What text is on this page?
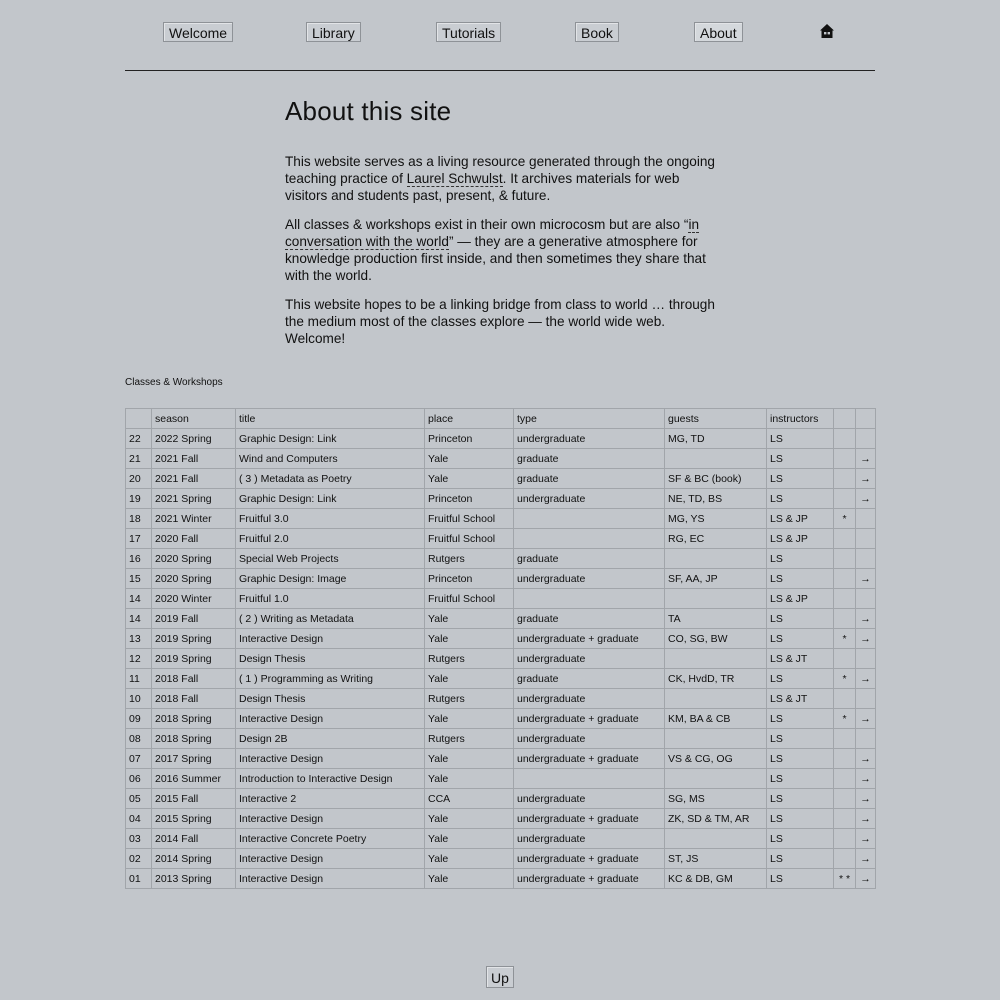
Welcome	Library	Tutorials	Book	About
About this site

This website serves as a living resource generated through the ongoing teaching practice of Laurel Schwulst. It archives materials for web visitors and students past, present, & future.

All classes & workshops exist in their own microcosm but are also “in conversation with the world” — they are a generative atmosphere for knowledge production first inside, and then sometimes they share that with the world.

This website hopes to be a linking bridge from class to world … through the medium most of the classes explore — the world wide web. Welcome!

Classes & Workshops
	season	title	place	type	guests	instructors		
22	2022 Spring	Graphic Design: Link	Princeton	undergraduate	MG, TD	LS		
21	2021 Fall	Wind and Computers	Yale	graduate		LS		→
20	2021 Fall	( 3 ) Metadata as Poetry	Yale	graduate	SF & BC (book)	LS		→
19	2021 Spring	Graphic Design: Link	Princeton	undergraduate	NE, TD, BS	LS		→
18	2021 Winter	Fruitful 3.0	Fruitful School		MG, YS	LS & JP	*	
17	2020 Fall	Fruitful 2.0	Fruitful School		RG, EC	LS & JP		
16	2020 Spring	Special Web Projects	Rutgers	graduate		LS		
15	2020 Spring	Graphic Design: Image	Princeton	undergraduate	SF, AA, JP	LS		→
14	2020 Winter	Fruitful 1.0	Fruitful School			LS & JP		
14	2019 Fall	( 2 ) Writing as Metadata	Yale	graduate	TA	LS		→
13	2019 Spring	Interactive Design	Yale	undergraduate + graduate	CO, SG, BW	LS	*	→
12	2019 Spring	Design Thesis	Rutgers	undergraduate		LS & JT		
11	2018 Fall	( 1 ) Programming as Writing	Yale	graduate	CK, HvdD, TR	LS	*	→
10	2018 Fall	Design Thesis	Rutgers	undergraduate		LS & JT		
09	2018 Spring	Interactive Design	Yale	undergraduate + graduate	KM, BA & CB	LS	*	→
08	2018 Spring	Design 2B	Rutgers	undergraduate		LS		
07	2017 Spring	Interactive Design	Yale	undergraduate + graduate	VS & CG, OG	LS		→
06	2016 Summer	Introduction to Interactive Design	Yale			LS		→
05	2015 Fall	Interactive 2	CCA	undergraduate	SG, MS	LS		→
04	2015 Spring	Interactive Design	Yale	undergraduate + graduate	ZK, SD & TM, AR	LS		→
03	2014 Fall	Interactive Concrete Poetry	Yale	undergraduate		LS		→
02	2014 Spring	Interactive Design	Yale	undergraduate + graduate	ST, JS	LS		→
01	2013 Spring	Interactive Design	Yale	undergraduate + graduate	KC & DB, GM	LS	* *	→
Up
